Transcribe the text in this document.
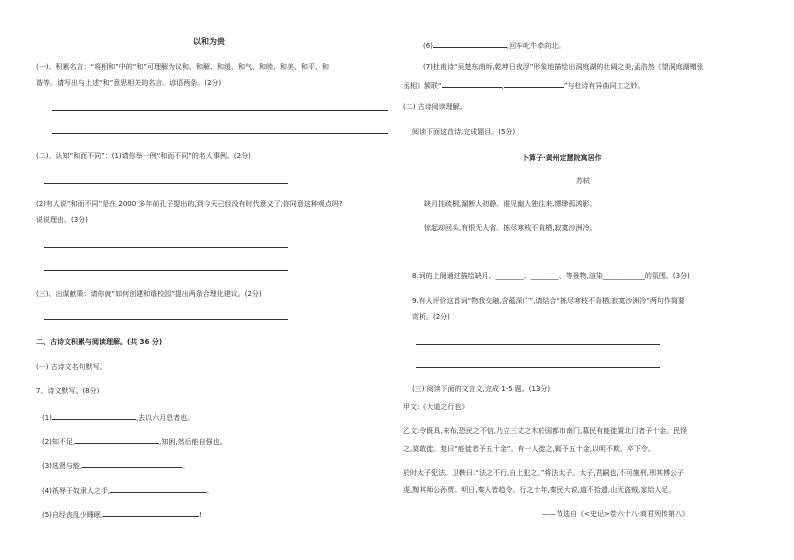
以和为贵
(一)、积累名言：“将相和”中的“和”可理解为议和、和解、和缓、和气、和睦、和美、和平、和
谐等。请写出与上述“和”意思相关的名言、谚语两条。(2分)
(二)、认知“和而不同”：(1)请你举一例“和而不同”的名人事例。(2分)
(2)有人说“和而不同”是在 2000 多年前孔子提出的,到今天已经没有时代意义了,你同意这种观点吗?
说说理由。(3分)
(三)、出谋献策：请你就“如何创建和谐校园”提出两条合理化建议。(2分)
二、古诗文积累与阅读理解。(共 36 分)
(一) 古诗文名句默写。
7、诗文默写。(8分)
(1)	,去以六月息者也。
(2)知不足,	,知困,然后能自强也。
(3)选贤与能,	。
(4)祇辱于奴隶人之手,	。
(5)自经丧乱少睡眠,	!
(6)	,回车叱牛牵向北。
(7)杜甫诗“吴楚东南坼,乾坤日夜浮”形象地描绘出洞庭湖的壮阔之美,孟浩然《望洞庭湖赠张
丞相》颔联“	,	”与杜诗有异曲同工之妙。
(二) 古诗阅读理解。
阅读下面这首诗,完成题目。(5分)
卜算子·黄州定慧院寓居作
苏轼
缺月挂疏桐,漏断人初静。谁见幽人独往来,缥缈孤鸿影。
惊起却回头,有恨无人省。拣尽寒枝不肯栖,寂寞沙洲冷。
8.词的上阕通过描绘缺月、________、________、等景物,渲染____________的氛围。(3分)
9.有人评价这首词“物我交融,含蕴深广”,请结合“拣尽寒枝不肯栖,寂寞沙洲冷”两句作简要
赏析。(2分)
(三) 阅读下面的文言文,完成 1-5 题。(13分)
甲文:《大道之行也》
乙文:令既具,未布,恐民之不信,乃立三丈之木於国都市南门,募民有能徙置北门者予十金。民怪
之,莫敢徙。复曰“能徙者予五十金”。有一人徙之,辄予五十金,以明不欺。卒下令。
於时太子犯法。卫鞅曰:“法之不行,自上犯之。”将法太子。太子,君嗣也,不可施刑,刑其傅公子
虔,黥其师公孙贾。明日,秦人皆趋令。行之十年,秦民大说,道不拾遗,山无盗贼,家给人足。
——节选自《<史记>卷六十八·商君列传第八》
